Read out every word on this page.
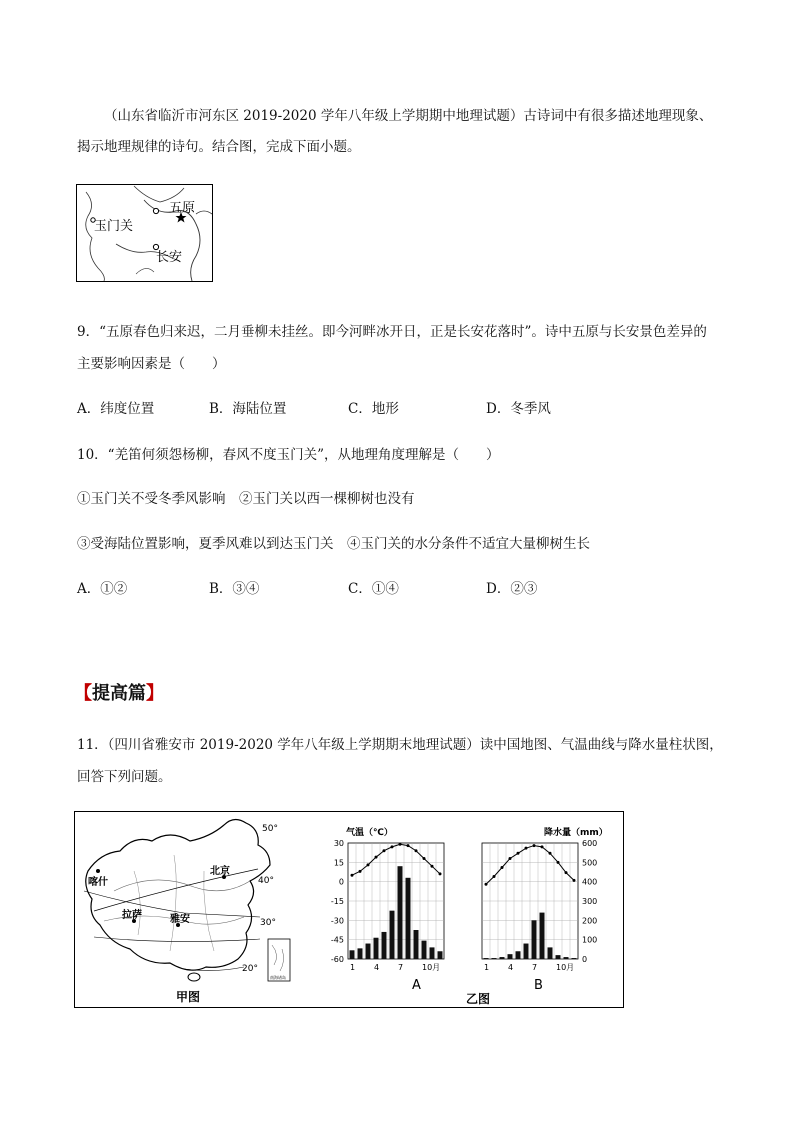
（山东省临沂市河东区 2019-2020 学年八年级上学期期中地理试题）古诗词中有很多描述地理现象、
揭示地理规律的诗句。结合图，完成下面小题。
五原
玉门关
长安
9．“五原春色归来迟，二月垂柳未挂丝。即今河畔冰开日，正是长安花落时”。诗中五原与长安景色差异的
主要影响因素是（　　）
A．纬度位置	B．海陆位置	C．地形	D．冬季风
10．“羌笛何须怨杨柳，春风不度玉门关”，从地理角度理解是（　　）
①玉门关不受冬季风影响　②玉门关以西一棵柳树也没有
③受海陆位置影响，夏季风难以到达玉门关　④玉门关的水分条件不适宜大量柳树生长
A．①②	B．③④	C．①④	D．②③
【提高篇】
11．（四川省雅安市 2019-2020 学年八年级上学期期末地理试题）读中国地图、气温曲线与降水量柱状图，
回答下列问题。
喀什
北京
拉萨	雅安
50°
40°
30°
20°
南海诸岛
甲图
气温（℃）	降水量（mm）
30
15
0
-15
-30
-45
-60
600
500
400
300
200
100
0
1 4 7 10月	1 4 7 10月
A	B
乙图
